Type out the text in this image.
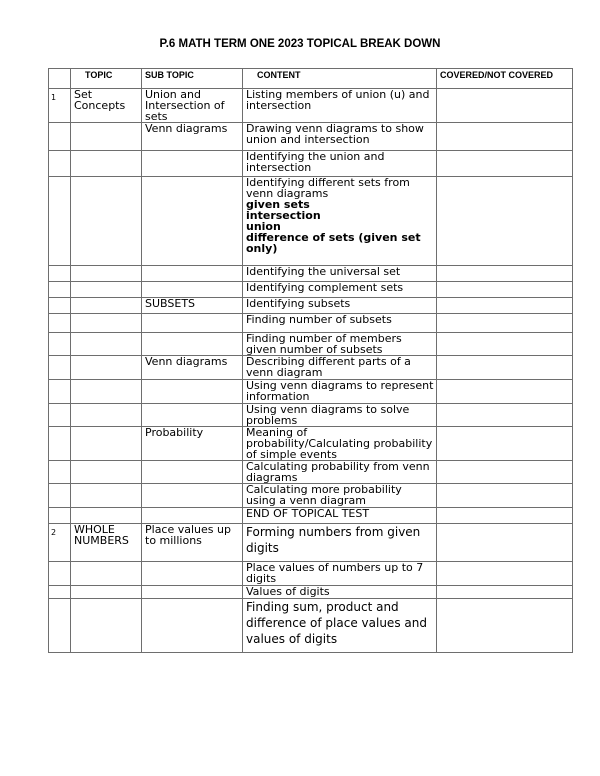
P.6 MATH TERM ONE 2023 TOPICAL BREAK DOWN
	TOPIC	SUB TOPIC	CONTENT	COVERED/NOT COVERED
1	Set Concepts	Union and Intersection of sets	Listing members of union (u) and intersection	

		Venn diagrams	Drawing venn diagrams to show union and intersection	

			Identifying the union and intersection	

			Identifying different sets from venn diagrams
given sets
intersection
union
difference of sets (given set only)	

			Identifying the universal set	

			Identifying complement sets	

		SUBSETS	Identifying subsets	

			Finding number of subsets	

			Finding number of members given number of subsets	

		Venn diagrams	Describing different parts of a venn diagram	

			Using venn diagrams to represent information	

			Using venn diagrams to solve problems	

		Probability	Meaning of probability/Calculating probability of simple events	

			Calculating probability from venn diagrams	

			Calculating more probability using a venn diagram	

			END OF TOPICAL TEST	

2	WHOLE NUMBERS	Place values up to millions	Forming numbers from given digits	

			Place values of numbers up to 7 digits	

			Values of digits	

			Finding sum, product and difference of place values and values of digits	
